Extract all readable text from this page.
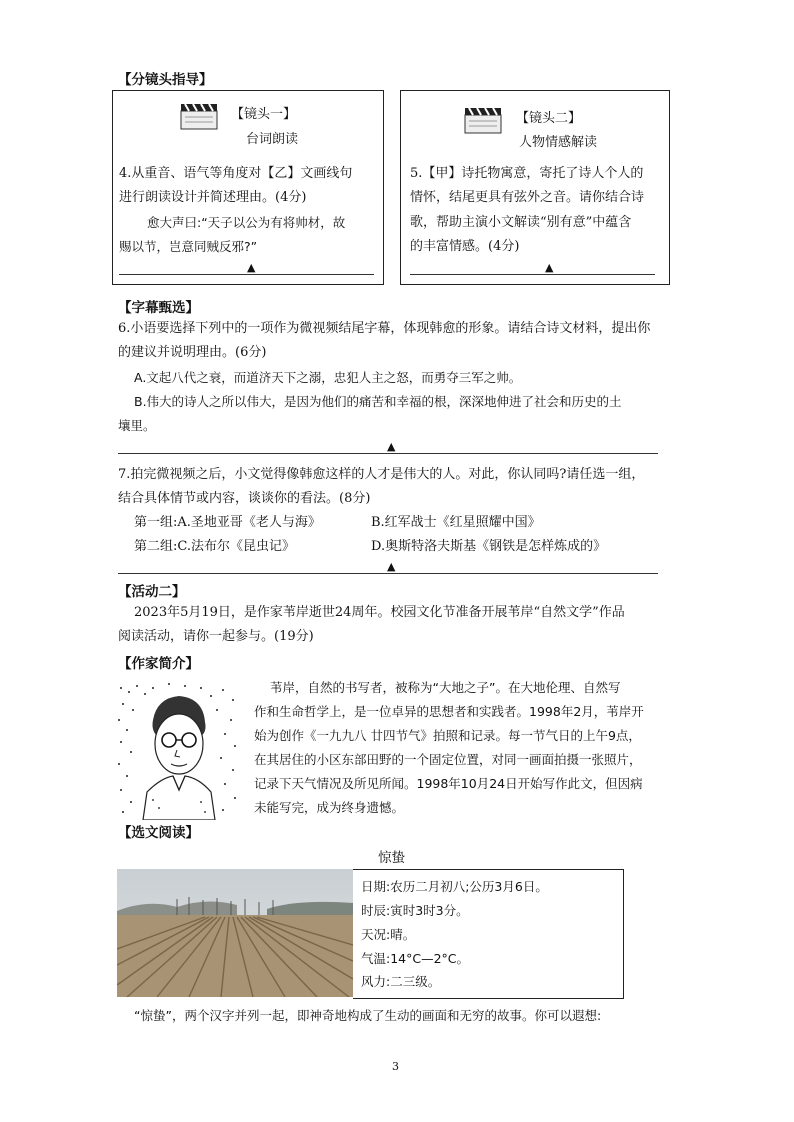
【分镜头指导】
【镜头一】
台词朗读
4.从重音、语气等角度对【乙】文画线句
进行朗读设计并简述理由。(4分)
愈大声曰:“天子以公为有将帅材，故
赐以节，岂意同贼反邪?”
▲
【镜头二】
人物情感解读
5.【甲】诗托物寓意，寄托了诗人个人的
情怀，结尾更具有弦外之音。请你结合诗
歌，帮助主演小文解读“别有意”中蕴含
的丰富情感。(4分)
▲
【字幕甄选】
6.小语要选择下列中的一项作为微视频结尾字幕，体现韩愈的形象。请结合诗文材料，提出你
的建议并说明理由。(6分)
A.文起八代之衰，而道济天下之溺，忠犯人主之怒，而勇夺三军之帅。
B.伟大的诗人之所以伟大，是因为他们的痛苦和幸福的根，深深地伸进了社会和历史的土
壤里。
▲
7.拍完微视频之后，小文觉得像韩愈这样的人才是伟大的人。对此，你认同吗?请任选一组，
结合具体情节或内容，谈谈你的看法。(8分)
第一组:A.圣地亚哥《老人与海》	B.红军战士《红星照耀中国》
第二组:C.法布尔《昆虫记》	D.奥斯特洛夫斯基《钢铁是怎样炼成的》
▲
【活动二】
2023年5月19日，是作家苇岸逝世24周年。校园文化节准备开展苇岸“自然文学”作品
阅读活动，请你一起参与。(19分)
【作家简介】
苇岸，自然的书写者，被称为“大地之子”。在大地伦理、自然写
作和生命哲学上，是一位卓异的思想者和实践者。1998年2月，苇岸开
始为创作《一九九八 廿四节气》拍照和记录。每一节气日的上午9点，
在其居住的小区东部田野的一个固定位置，对同一画面拍摄一张照片，
记录下天气情况及所见所闻。1998年10月24日开始写作此文，但因病
未能写完，成为终身遗憾。
【选文阅读】
惊蛰
日期:农历二月初八;公历3月6日。
时辰:寅时3时3分。
天况:晴。
气温:14°C—2°C。
风力:二三级。
“惊蛰”，两个汉字并列一起，即神奇地构成了生动的画面和无穷的故事。你可以遐想:
3
